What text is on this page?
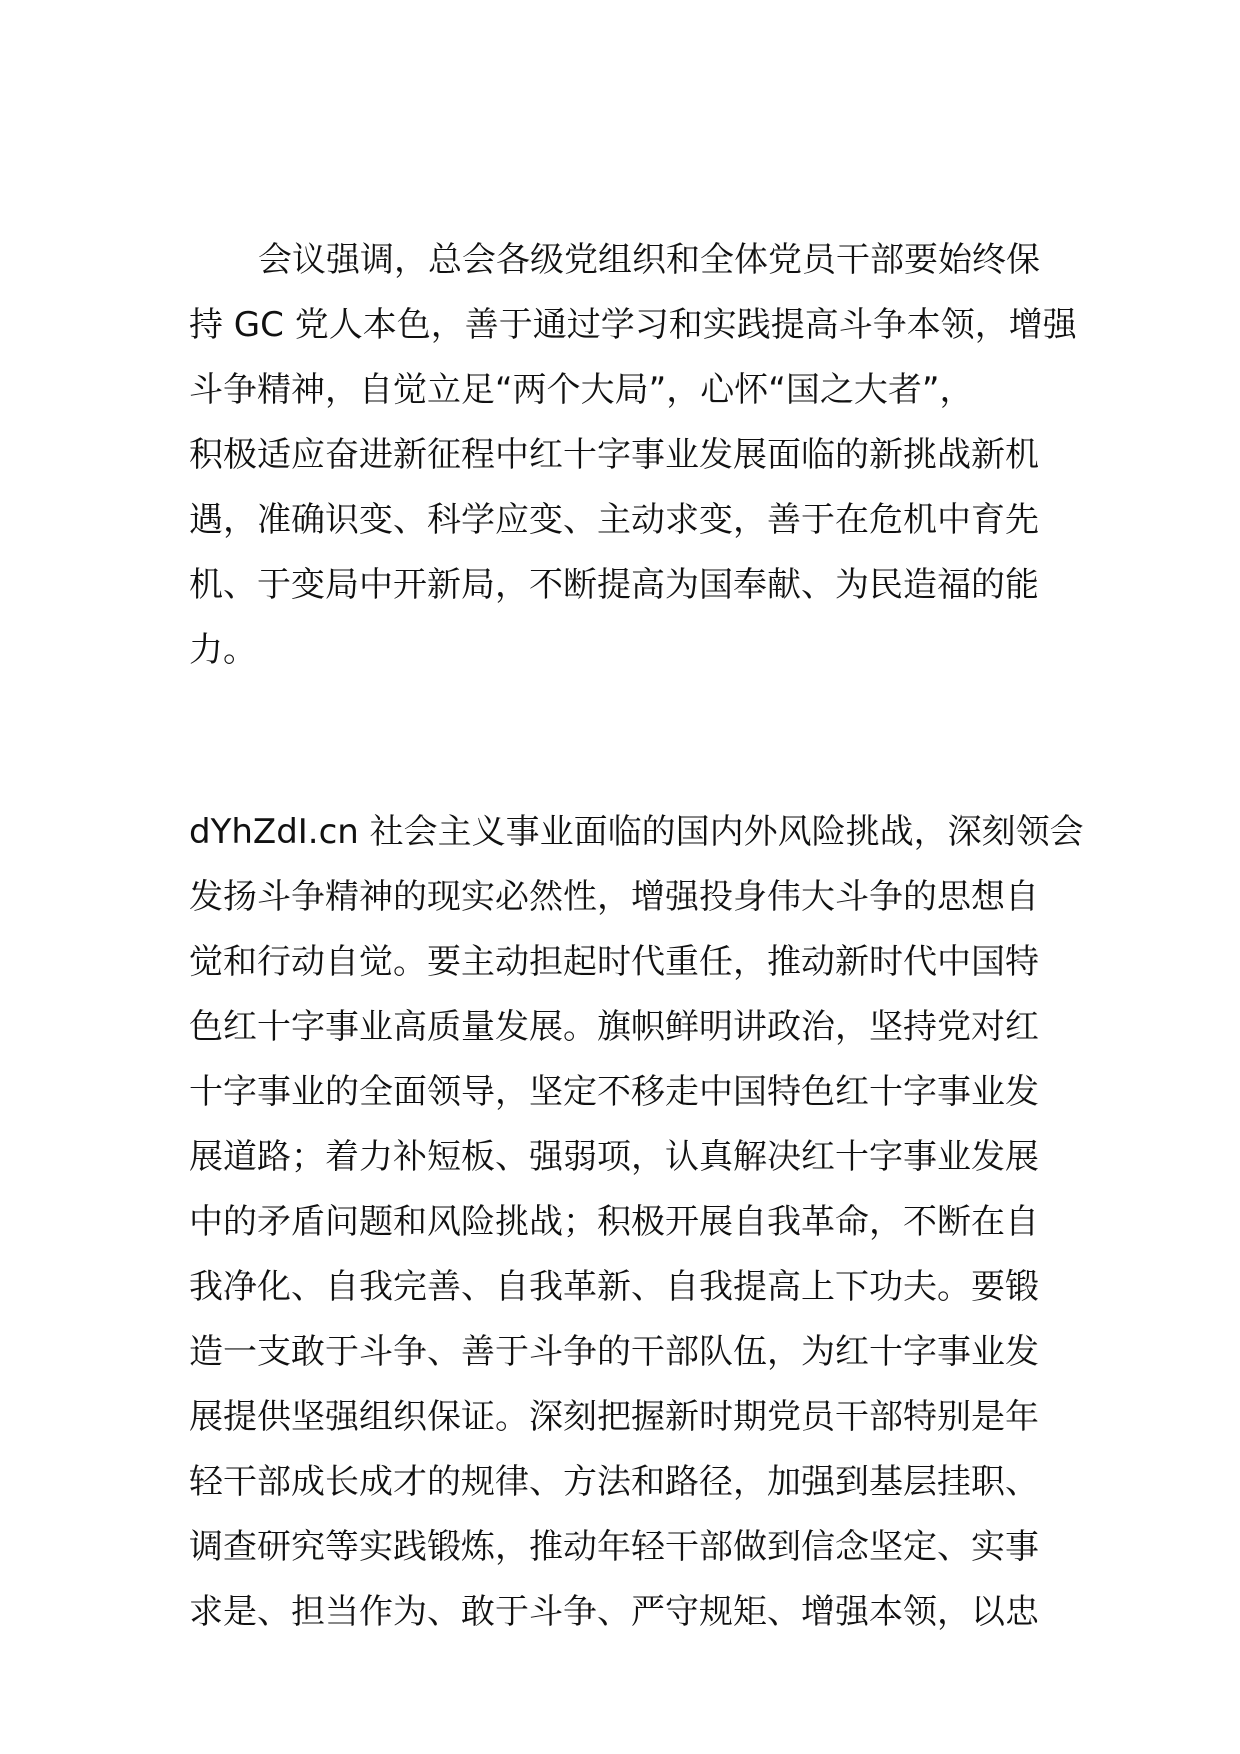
会议强调，总会各级党组织和全体党员干部要始终保
持 GC 党人本色，善于通过学习和实践提高斗争本领，增强
斗争精神，自觉立足“两个大局”，心怀“国之大者”，
积极适应奋进新征程中红十字事业发展面临的新挑战新机
遇，准确识变、科学应变、主动求变，善于在危机中育先
机、于变局中开新局，不断提高为国奉献、为民造福的能
力。
dYhZdI.cn 社会主义事业面临的国内外风险挑战，深刻领会
发扬斗争精神的现实必然性，增强投身伟大斗争的思想自
觉和行动自觉。要主动担起时代重任，推动新时代中国特
色红十字事业高质量发展。旗帜鲜明讲政治，坚持党对红
十字事业的全面领导，坚定不移走中国特色红十字事业发
展道路；着力补短板、强弱项，认真解决红十字事业发展
中的矛盾问题和风险挑战；积极开展自我革命，不断在自
我净化、自我完善、自我革新、自我提高上下功夫。要锻
造一支敢于斗争、善于斗争的干部队伍，为红十字事业发
展提供坚强组织保证。深刻把握新时期党员干部特别是年
轻干部成长成才的规律、方法和路径，加强到基层挂职、
调查研究等实践锻炼，推动年轻干部做到信念坚定、实事
求是、担当作为、敢于斗争、严守规矩、增强本领，以忠
